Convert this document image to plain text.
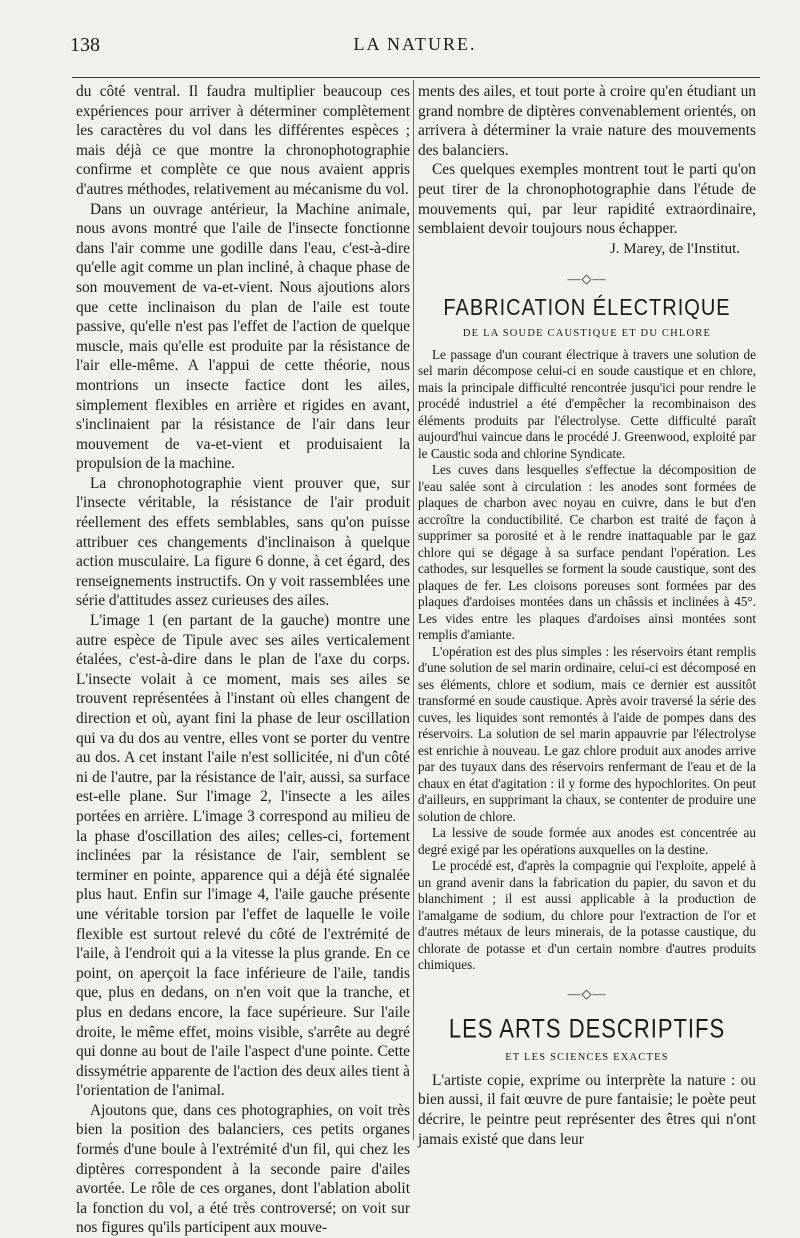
138	LA NATURE.

du côté ventral. Il faudra multiplier beaucoup ces expériences pour arriver à déterminer complètement les caractères du vol dans les différentes espèces ; mais déjà ce que montre la chronophotographie confirme et complète ce que nous avaient appris d'autres méthodes, relativement au mécanisme du vol.

Dans un ouvrage antérieur, la Machine animale, nous avons montré que l'aile de l'insecte fonctionne dans l'air comme une godille dans l'eau, c'est-à-dire qu'elle agit comme un plan incliné, à chaque phase de son mouvement de va-et-vient. Nous ajoutions alors que cette inclinaison du plan de l'aile est toute passive, qu'elle n'est pas l'effet de l'action de quelque muscle, mais qu'elle est produite par la résistance de l'air elle-même. A l'appui de cette théorie, nous montrions un insecte factice dont les ailes, simplement flexibles en arrière et rigides en avant, s'inclinaient par la résistance de l'air dans leur mouvement de va-et-vient et produisaient la propulsion de la machine.

La chronophotographie vient prouver que, sur l'insecte véritable, la résistance de l'air produit réellement des effets semblables, sans qu'on puisse attribuer ces changements d'inclinaison à quelque action musculaire. La figure 6 donne, à cet égard, des renseignements instructifs. On y voit rassemblées une série d'attitudes assez curieuses des ailes.

L'image 1 (en partant de la gauche) montre une autre espèce de Tipule avec ses ailes verticalement étalées, c'est-à-dire dans le plan de l'axe du corps. L'insecte volait à ce moment, mais ses ailes se trouvent représentées à l'instant où elles changent de direction et où, ayant fini la phase de leur oscillation qui va du dos au ventre, elles vont se porter du ventre au dos. A cet instant l'aile n'est sollicitée, ni d'un côté ni de l'autre, par la résistance de l'air, aussi, sa surface est-elle plane. Sur l'image 2, l'insecte a les ailes portées en arrière. L'image 3 correspond au milieu de la phase d'oscillation des ailes; celles-ci, fortement inclinées par la résistance de l'air, semblent se terminer en pointe, apparence qui a déjà été signalée plus haut. Enfin sur l'image 4, l'aile gauche présente une véritable torsion par l'effet de laquelle le voile flexible est surtout relevé du côté de l'extrémité de l'aile, à l'endroit qui a la vitesse la plus grande. En ce point, on aperçoit la face inférieure de l'aile, tandis que, plus en dedans, on n'en voit que la tranche, et plus en dedans encore, la face supérieure. Sur l'aile droite, le même effet, moins visible, s'arrête au degré qui donne au bout de l'aile l'aspect d'une pointe. Cette dissymétrie apparente de l'action des deux ailes tient à l'orientation de l'animal.

Ajoutons que, dans ces photographies, on voit très bien la position des balanciers, ces petits organes formés d'une boule à l'extrémité d'un fil, qui chez les diptères correspondent à la seconde paire d'ailes avortée. Le rôle de ces organes, dont l'ablation abolit la fonction du vol, a été très controversé; on voit sur nos figures qu'ils participent aux mouve-

ments des ailes, et tout porte à croire qu'en étudiant un grand nombre de diptères convenablement orientés, on arrivera à déterminer la vraie nature des mouvements des balanciers.

Ces quelques exemples montrent tout le parti qu'on peut tirer de la chronophotographie dans l'étude de mouvements qui, par leur rapidité extraordinaire, semblaient devoir toujours nous échapper.

J. Marey, de l'Institut.
—◇—
FABRICATION ÉLECTRIQUE
DE LA SOUDE CAUSTIQUE ET DU CHLORE

Le passage d'un courant électrique à travers une solution de sel marin décompose celui-ci en soude caustique et en chlore, mais la principale difficulté rencontrée jusqu'ici pour rendre le procédé industriel a été d'empêcher la recombinaison des éléments produits par l'électrolyse. Cette difficulté paraît aujourd'hui vaincue dans le procédé J. Greenwood, exploité par le Caustic soda and chlorine Syndicate.

Les cuves dans lesquelles s'effectue la décomposition de l'eau salée sont à circulation : les anodes sont formées de plaques de charbon avec noyau en cuivre, dans le but d'en accroître la conductibilité. Ce charbon est traité de façon à supprimer sa porosité et à le rendre inattaquable par le gaz chlore qui se dégage à sa surface pendant l'opération. Les cathodes, sur lesquelles se forment la soude caustique, sont des plaques de fer. Les cloisons poreuses sont formées par des plaques d'ardoises montées dans un châssis et inclinées à 45°. Les vides entre les plaques d'ardoises ainsi montées sont remplis d'amiante.

L'opération est des plus simples : les réservoirs étant remplis d'une solution de sel marin ordinaire, celui-ci est décomposé en ses éléments, chlore et sodium, mais ce dernier est aussitôt transformé en soude caustique. Après avoir traversé la série des cuves, les liquides sont remontés à l'aide de pompes dans des réservoirs. La solution de sel marin appauvrie par l'électrolyse est enrichie à nouveau. Le gaz chlore produit aux anodes arrive par des tuyaux dans des réservoirs renfermant de l'eau et de la chaux en état d'agitation : il y forme des hypochlorites. On peut d'ailleurs, en supprimant la chaux, se contenter de produire une solution de chlore.

La lessive de soude formée aux anodes est concentrée au degré exigé par les opérations auxquelles on la destine.

Le procédé est, d'après la compagnie qui l'exploite, appelé à un grand avenir dans la fabrication du papier, du savon et du blanchiment ; il est aussi applicable à la production de l'amalgame de sodium, du chlore pour l'extraction de l'or et d'autres métaux de leurs minerais, de la potasse caustique, du chlorate de potasse et d'un certain nombre d'autres produits chimiques.

—◇—
LES ARTS DESCRIPTIFS
ET LES SCIENCES EXACTES

L'artiste copie, exprime ou interprète la nature : ou bien aussi, il fait œuvre de pure fantaisie; le poète peut décrire, le peintre peut représenter des êtres qui n'ont jamais existé que dans leur
